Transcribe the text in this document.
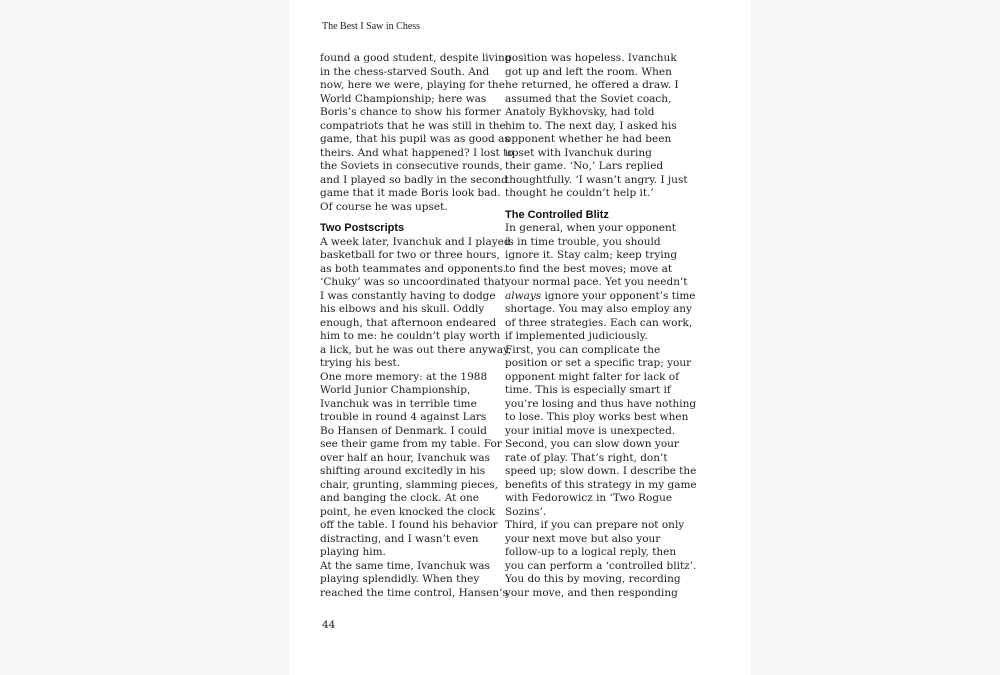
The Best I Saw in Chess
found a good student, despite living
in the chess-starved South. And
now, here we were, playing for the
World Championship; here was
Boris’s chance to show his former
compatriots that he was still in the
game, that his pupil was as good as
theirs. And what happened? I lost to
the Soviets in consecutive rounds,
and I played so badly in the second
game that it made Boris look bad.
Of course he was upset.
Two Postscripts
A week later, Ivanchuk and I played
basketball for two or three hours,
as both teammates and opponents.
‘Chuky’ was so uncoordinated that
I was constantly having to dodge
his elbows and his skull. Oddly
enough, that afternoon endeared
him to me: he couldn’t play worth
a lick, but he was out there anyway,
trying his best.
One more memory: at the 1988
World Junior Championship,
Ivanchuk was in terrible time
trouble in round 4 against Lars
Bo Hansen of Denmark. I could
see their game from my table. For
over half an hour, Ivanchuk was
shifting around excitedly in his
chair, grunting, slamming pieces,
and banging the clock. At one
point, he even knocked the clock
off the table. I found his behavior
distracting, and I wasn’t even
playing him.
At the same time, Ivanchuk was
playing splendidly. When they
reached the time control, Hansen’s
position was hopeless. Ivanchuk
got up and left the room. When
he returned, he offered a draw. I
assumed that the Soviet coach,
Anatoly Bykhovsky, had told
him to. The next day, I asked his
opponent whether he had been
upset with Ivanchuk during
their game. ‘No,’ Lars replied
thoughtfully. ‘I wasn’t angry. I just
thought he couldn’t help it.’
The Controlled Blitz
In general, when your opponent
is in time trouble, you should
ignore it. Stay calm; keep trying
to find the best moves; move at
your normal pace. Yet you needn’t
always ignore your opponent’s time
shortage. You may also employ any
of three strategies. Each can work,
if implemented judiciously.
First, you can complicate the
position or set a specific trap; your
opponent might falter for lack of
time. This is especially smart if
you’re losing and thus have nothing
to lose. This ploy works best when
your initial move is unexpected.
Second, you can slow down your
rate of play. That’s right, don’t
speed up; slow down. I describe the
benefits of this strategy in my game
with Fedorowicz in ‘Two Rogue
Sozins’.
Third, if you can prepare not only
your next move but also your
follow-up to a logical reply, then
you can perform a ‘controlled blitz’.
You do this by moving, recording
your move, and then responding
44
